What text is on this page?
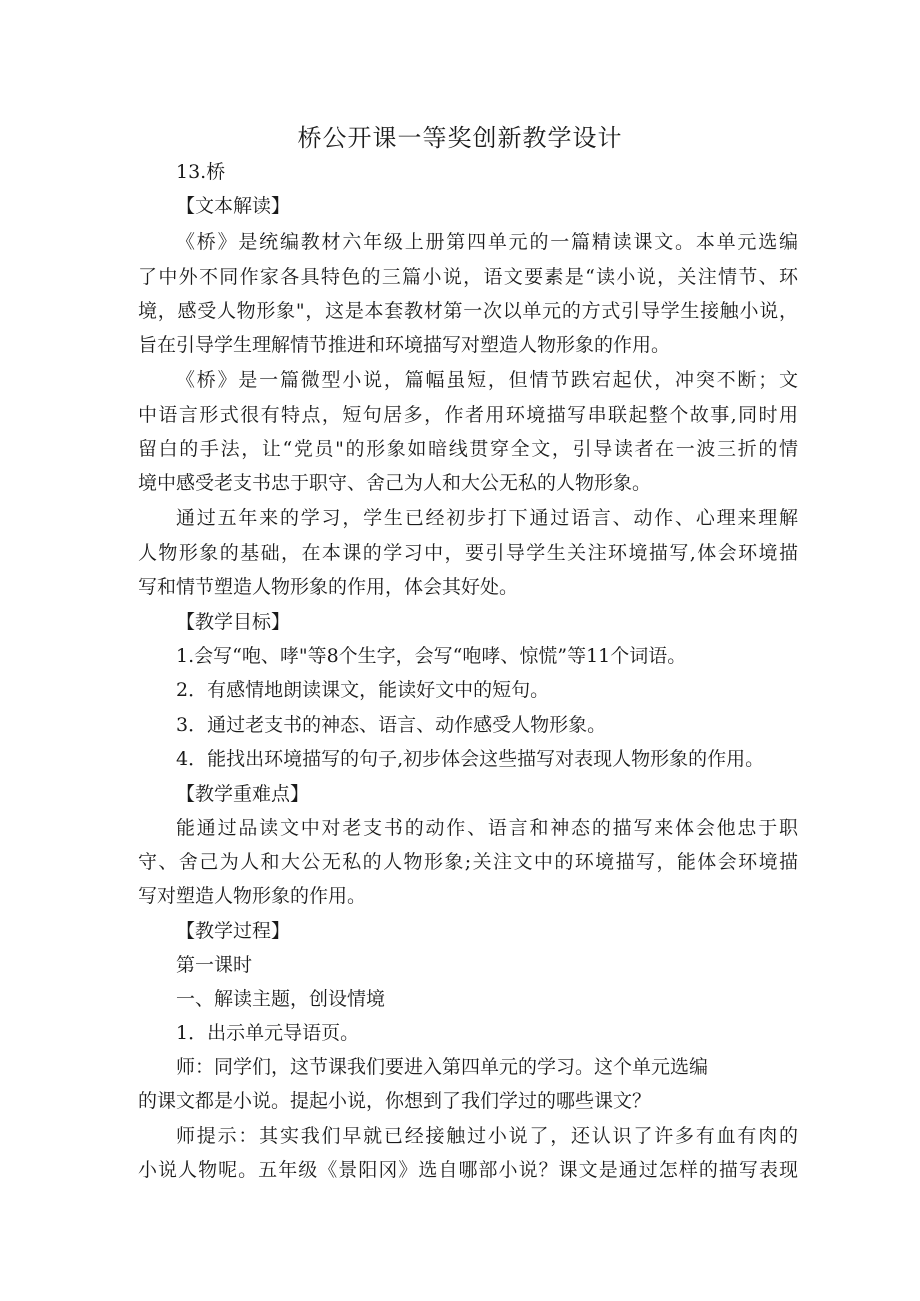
桥公开课一等奖创新教学设计
13.桥
【文本解读】
《桥》是统编教材六年级上册第四单元的一篇精读课文。本单元选编
了中外不同作家各具特色的三篇小说，语文要素是“读小说，关注情节、环
境，感受人物形象"，这是本套教材第一次以单元的方式引导学生接触小说，
旨在引导学生理解情节推进和环境描写对塑造人物形象的作用。
《桥》是一篇微型小说，篇幅虽短，但情节跌宕起伏，冲突不断；文
中语言形式很有特点，短句居多，作者用环境描写串联起整个故事,同时用
留白的手法，让“党员"的形象如暗线贯穿全文，引导读者在一波三折的情
境中感受老支书忠于职守、舍己为人和大公无私的人物形象。
通过五年来的学习，学生已经初步打下通过语言、动作、心理来理解
人物形象的基础，在本课的学习中，要引导学生关注环境描写,体会环境描
写和情节塑造人物形象的作用，体会其好处。
【教学目标】
1.会写“咆、哮"等8个生字，会写“咆哮、惊慌”等11个词语。
2．有感情地朗读课文，能读好文中的短句。
3．通过老支书的神态、语言、动作感受人物形象。
4．能找出环境描写的句子,初步体会这些描写对表现人物形象的作用。
【教学重难点】
能通过品读文中对老支书的动作、语言和神态的描写来体会他忠于职
守、舍己为人和大公无私的人物形象;关注文中的环境描写，能体会环境描
写对塑造人物形象的作用。
【教学过程】
第一课时
一、解读主题，创设情境
1．出示单元导语页。
师：同学们，这节课我们要进入第四单元的学习。这个单元选编
的课文都是小说。提起小说，你想到了我们学过的哪些课文？
师提示：其实我们早就已经接触过小说了，还认识了许多有血有肉的
小说人物呢。五年级《景阳冈》选自哪部小说？课文是通过怎样的描写表现
